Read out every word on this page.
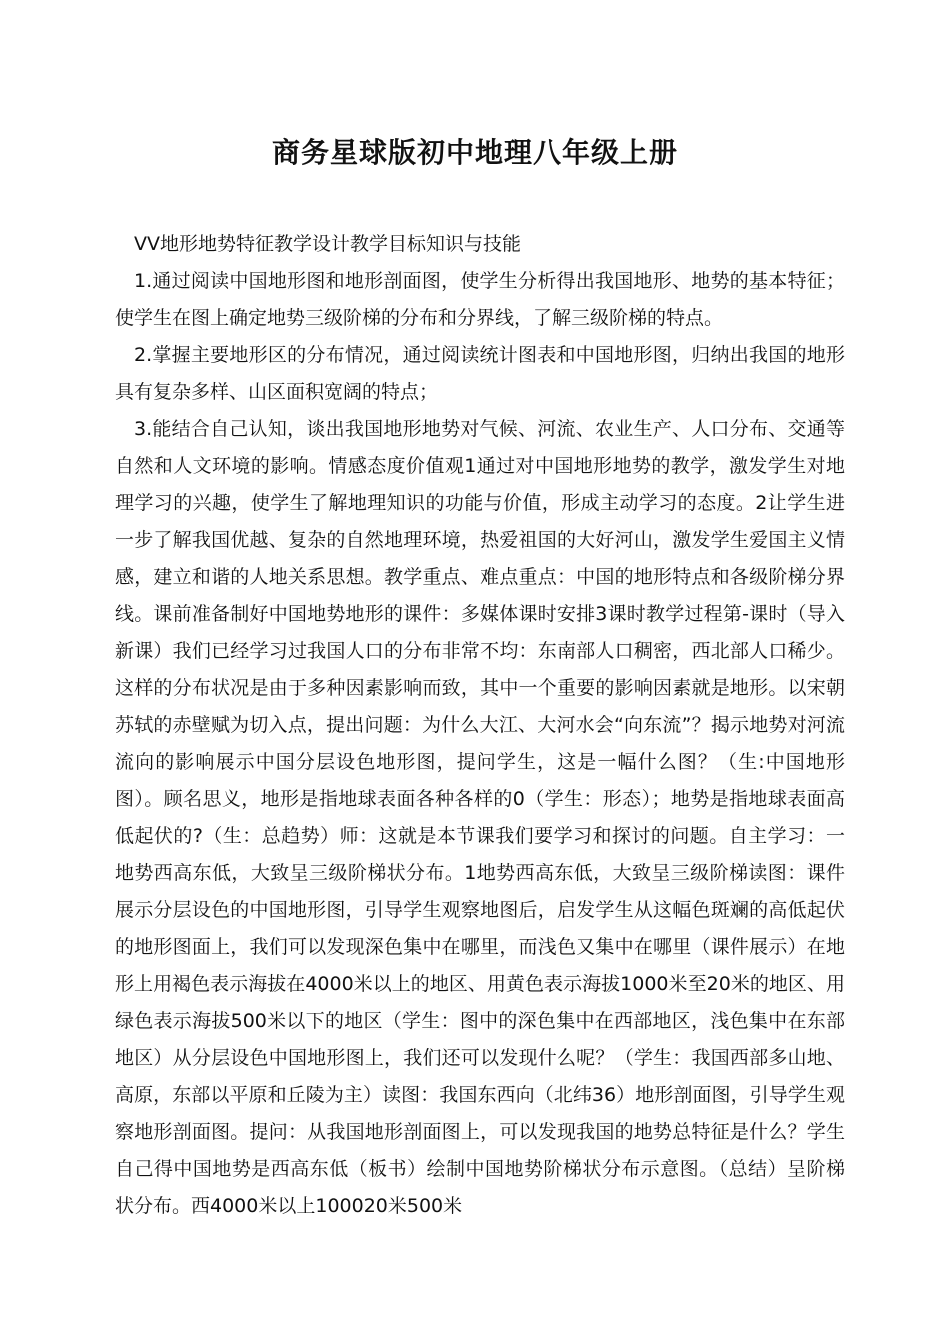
商务星球版初中地理八年级上册

VV地形地势特征教学设计教学目标知识与技能

1.通过阅读中国地形图和地形剖面图，使学生分析得出我国地形、地势的基本特征；使学生在图上确定地势三级阶梯的分布和分界线，了解三级阶梯的特点。

2.掌握主要地形区的分布情况，通过阅读统计图表和中国地形图，归纳出我国的地形具有复杂多样、山区面积宽阔的特点；

3.能结合自己认知，谈出我国地形地势对气候、河流、农业生产、人口分布、交通等自然和人文环境的影响。情感态度价值观1通过对中国地形地势的教学，激发学生对地理学习的兴趣，使学生了解地理知识的功能与价值，形成主动学习的态度。2让学生进一步了解我国优越、复杂的自然地理环境，热爱祖国的大好河山，激发学生爱国主义情感，建立和谐的人地关系思想。教学重点、难点重点：中国的地形特点和各级阶梯分界线。课前准备制好中国地势地形的课件：多媒体课时安排3课时教学过程第-课时（导入新课）我们已经学习过我国人口的分布非常不均：东南部人口稠密，西北部人口稀少。这样的分布状况是由于多种因素影响而致，其中一个重要的影响因素就是地形。以宋朝苏轼的赤壁赋为切入点，提出问题：为什么大江、大河水会“向东流”？揭示地势对河流流向的影响展示中国分层设色地形图，提问学生，这是一幅什么图？（生:中国地形图）。顾名思义，地形是指地球表面各种各样的0（学生：形态）；地势是指地球表面高低起伏的?（生：总趋势）师：这就是本节课我们要学习和探讨的问题。自主学习：一地势西高东低，大致呈三级阶梯状分布。1地势西高东低，大致呈三级阶梯读图：课件展示分层设色的中国地形图，引导学生观察地图后，启发学生从这幅色斑斓的高低起伏的地形图面上，我们可以发现深色集中在哪里，而浅色又集中在哪里（课件展示）在地形上用褐色表示海拔在4000米以上的地区、用黄色表示海拔1000米至20米的地区、用绿色表示海拔500米以下的地区（学生：图中的深色集中在西部地区，浅色集中在东部地区）从分层设色中国地形图上，我们还可以发现什么呢？（学生：我国西部多山地、高原，东部以平原和丘陵为主）读图：我国东西向（北纬36）地形剖面图，引导学生观察地形剖面图。提问：从我国地形剖面图上，可以发现我国的地势总特征是什么？学生自己得中国地势是西高东低（板书）绘制中国地势阶梯状分布示意图。（总结）呈阶梯状分布。西4000米以上100020米500米
